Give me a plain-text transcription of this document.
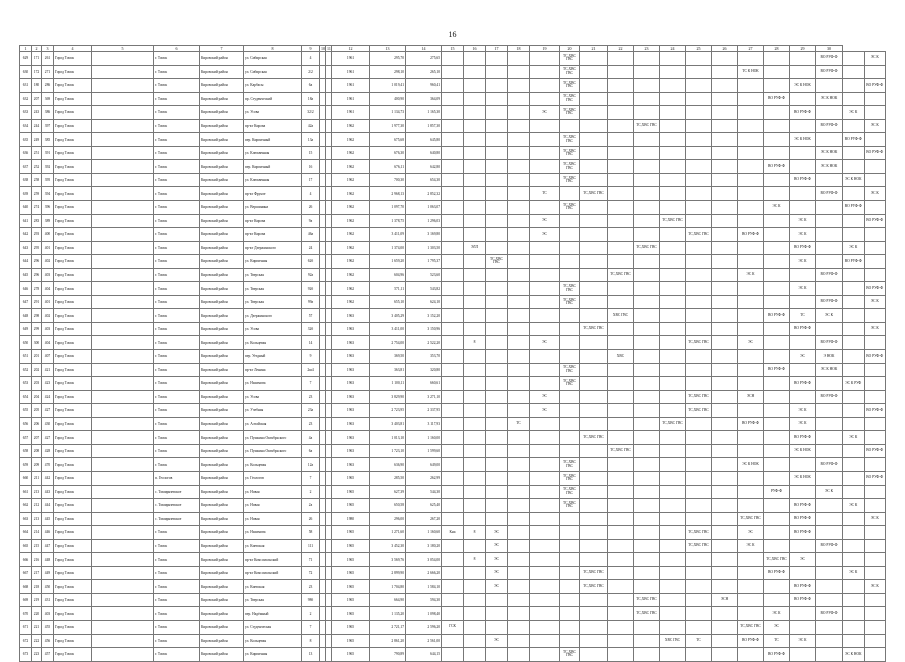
16
1	2	3	4	5	6	7	8	9	10	11	12	13	14	15	16	17	18	19	20	21	22	23	24	25	26	27	28	29	30		
629	171	261	Город Томск		г. Томск	Кировский район	ул. Сибирская	4			1961	295,70	275,65						ТС,ХВС ГВС										ВО РУФ-Ф		ЭС К
630	172	271	Город Томск		г. Томск	Кировский район	ул. Сибирская	2/2			1961	298,10	265,10						ТС,ХВС ГВС							ТС К НОК			ВО РУФ-Ф		
631	180	286	Город Томск		г. Томск	Кировский район	ул. Карбасы	6а			1961	1 019,41	960,41						ТС,ХВС ГВС									ЭС К НОК			ВО РУФ-Ф
632	207	369	Город Томск		г. Томск	Кировский район	пр. Студенческий	18а			1961	400,90	364,09						ТС,ХВС ГВС								ВО РУФ-Ф		ЭС К НОК		
633	243	386	Город Томск		г. Томск	Кировский район	ул. Усова	32/2			1961	1 134,73	1 165,30					ЭС	ТС,ХВС ГВС									ВО РУФ-Ф		ЭС К	
634	244	397	Город Томск		г. Томск	Кировский район	пр-кт Кирова	42а			1962	1 977,30	1 857,30									ТС,ХВС ГВС							ВО РУФ-Ф		ЭС К
635	249	385	Город Томск		г. Томск	Кировский район	пер. Кирпичный	13а			1962	675,68	645,80						ТС,ХВС ГВС									ЭС К НОК		ВО РУФ-Ф	
636	251	391	Город Томск		г. Томск	Кировский район	ул. Клюквенная	15			1962	676,30	640,80						ТС,ХВС ГВС										ЭС К НОК		ВО РУФ-Ф
637	252	392	Город Томск		г. Томск	Кировский район	пер. Кирпичный	16			1962	676,11	642,80						ТС,ХВС ГВС								ВО РУФ-Ф		ЭС К НОК		
638	258	395	Город Томск		г. Томск	Кировский район	ул. Клюквенная	17			1962	700,30	654,30						ТС,ХВС ГВС									ВО РУФ-Ф		ЭС К НОК	
639	259	394	Город Томск		г. Томск	Кировский район	пр-кт Фрунзе	4			1962	2 968,13	2 852,32					ТС		ТС,ХВС ГВС									ВО РУФ-Ф		ЭС К
640	274	396	Город Томск		г. Томск	Кировский район	ул. Вершинина	26			1962	1 097,70	1 063,07						ТС,ХВС ГВС								ЭС К			ВО РУФ-Ф	
641	283	389	Город Томск		г. Томск	Кировский район	пр-кт Кирова	9а			1962	1 378,75	1 296,03					ЭС					ТС,ХВС ГВС					ЭС К			ВО РУФ-Ф
642	293	400	Город Томск		г. Томск	Кировский район	пр-кт Кирова	46а			1962	3 411,09	3 169,80					ЭС						ТС,ХВС ГВС		ВО РУФ-Ф		ЭС К			
643	295	401	Город Томск		г. Томск	Кировский район	пр-кт Дзержинского	24			1962	1 374,00	1 303,50		ЭЛЛ							ТС,ХВС ГВС						ВО РУФ-Ф		ЭС К	
644	296	402	Город Томск		г. Томск	Кировский район	ул. Кирпичная	62б			1962	1 659,20	1 795,37			ТС,ХВС ГВС												ЭС К		ВО РУФ-Ф	
645	296	403	Город Томск		г. Томск	Кировский район	ул. Тверская	92а			1962	604,96	523,60								ТС,ХВС ГВС					ЭС К			ВО РУФ-Ф		
646	278	404	Город Томск		г. Томск	Кировский район	ул. Тверская	92б			1962	571,11	543,82						ТС,ХВС ГВС									ЭС К			ВО РУФ-Ф
647	291	401	Город Томск		г. Томск	Кировский район	ул. Тверская	99а			1962	655,10	624,10						ТС,ХВС ГВС										ВО РУФ-Ф		ЭС К
648	298	402	Город Томск		г. Томск	Кировский район	ул. Дзержинского	57			1963	3 405,29	3 152,20								ХВС ГВС						ВО РУФ-Ф	ТС	ЭС К		
649	299	403	Город Томск		г. Томск	Кировский район	ул. Усова	32б			1963	3 411,00	3 150,96							ТС,ХВС ГВС								ВО РУФ-Ф			ЭС К
650	300	404	Город Томск		г. Томск	Кировский район	ул. Кольцевая	14			1963	2 754,00	2 522,20		8			ЭС						ТС,ХВС ГВС		ЭС			ВО РУФ-Ф		
651	201	407	Город Томск		г. Томск	Кировский район	пер. Уездный	9			1963	369,50	353,70								ХВС							ЭС	Э НОК		ВО РУФ-Ф
652	202	421	Город Томск		г. Томск	Кировский район	пр-кт Ленина	2ш4			1963	363,81	320,80						ТС,ХВС ГВС								ВО РУФ-Ф		ЭС К НОК		
653	203	423	Город Томск		г. Томск	Кировский район	ул. Нахимова	7			1963	1 100,11	660,61						ТС,ХВС ГВС									ВО РУФ-Ф		ЭС К РУФ	
654	204	424	Город Томск		г. Томск	Кировский район	ул. Усова	23			1963	3 829,90	3 271,10					ЭС						ТС,ХВС ГВС		ЭСН			ВО РУФ-Ф		
655	205	427	Город Томск		г. Томск	Кировский район	ул. Учебная	23а			1963	2 723,95	2 337,95					ЭС						ТС,ХВС ГВС				ЭС К			ВО РУФ-Ф
656	206	430	Город Томск		г. Томск	Кировский район	ул. Алтайская	23			1963	3 403,81	3 117,93				ТС						ТС,ХВС ГВС			ВО РУФ-Ф		ЭС К			
657	207	427	Город Томск		г. Томск	Кировский район	ул. Пушкина Октябрьского	4а			1963	1 013,10	1 160,00							ТС,ХВС ГВС								ВО РУФ-Ф		ЭС К	
658	208	428	Город Томск		г. Томск	Кировский район	ул. Пушкина Октябрьского	6а			1963	1 723,10	1 599,60								ТС,ХВС ГВС							ЭС К НОК			ВО РУФ-Ф
659	209	470	Город Томск		г. Томск	Кировский район	ул. Кольцевая	12а			1963	636,90	649,00						ТС,ХВС ГВС							ЭС К НОК			ВО РУФ-Ф		
660	211	442	Город Томск		п. Геологов	Кировский район	ул. Геологов	7			1965	285,50	262,99						ТС,ХВС ГВС									ЭС К НОК			ВО РУФ-Ф
661	213	443	Город Томск		с. Тимирязевское	Кировский район	ул. Новая	2			1965	627,39	544,30						ТС,ХВС ГВС								РУФ-Ф		ЭС К		
662	212	444	Город Томск		с. Тимирязевское	Кировский район	ул. Новая	2а			1965	650,58	625,40						ТС,ХВС ГВС									ВО РУФ-Ф		ЭС К	
663	213	445	Город Томск		с. Тимирязевское	Кировский район	ул. Новая	26			1980	296,00	267,20													ТС,ХВС ГВС		ВО РУФ-Ф			ЭС К
664	214	446	Город Томск		г. Томск	Кировский район	ул. Нахимова	58			1965	1 271,60	1 160,60	Кна	8	ЭС								ТС,ХВС ГВС		ЭС		ВО РУФ-Ф			
665	215	447	Город Томск		г. Томск	Кировский район	ул. Киевская	111			1965	3 452,30	3 180,20			ЭС								ТС,ХВС ГВС		ЭС К			ВО РУФ-Ф		
666	216	448	Город Томск		г. Томск	Кировский район	пр-кт Комсомольский	71			1965	3 569,76	3 054,00		8	ЭС											ТС,ХВС ГВС	ЭС			
667	217	449	Город Томск		г. Томск	Кировский район	пр-кт Комсомольский	72			1965	2 899,90	2 666,20			ЭС				ТС,ХВС ГВС							ВО РУФ-Ф			ЭС К	
668	218	450	Город Томск		г. Томск	Кировский район	ул. Киевская	23			1965	1 704,80	1 584,10			ЭС				ТС,ХВС ГВС								ВО РУФ-Ф			ЭС К
669	219	431	Город Томск		г. Томск	Кировский район	ул. Тверская	98б			1965	664,90	594,30									ТС,ХВС ГВС			ЭСН			ВО РУФ-Ф			
670	220	403	Город Томск		г. Томск	Кировский район	пер. Надёжный	2			1965	1 135,20	1 098,40									ТС,ХВС ГВС					ЭС К		ВО РУФ-Ф		
671	221	455	Город Томск		г. Томск	Кировский район	ул. Студенческая	7			1965	2 721,17	2 596,20	ГСК												ТС,ХВС ГВС	ЭС				
672	222	456	Город Томск		г. Томск	Кировский район	ул. Кольцевая	8			1965	2 861,20	2 561,00			ЭС							ХВС ГВС	ТС		ВО РУФ-Ф	ТС	ЭС К			
673	223	457	Город Томск		г. Томск	Кировский район	ул. Кирпичная	13			1965	790,89	644,15						ТС,ХВС ГВС								ВО РУФ-Ф			ЭС К НОК	
